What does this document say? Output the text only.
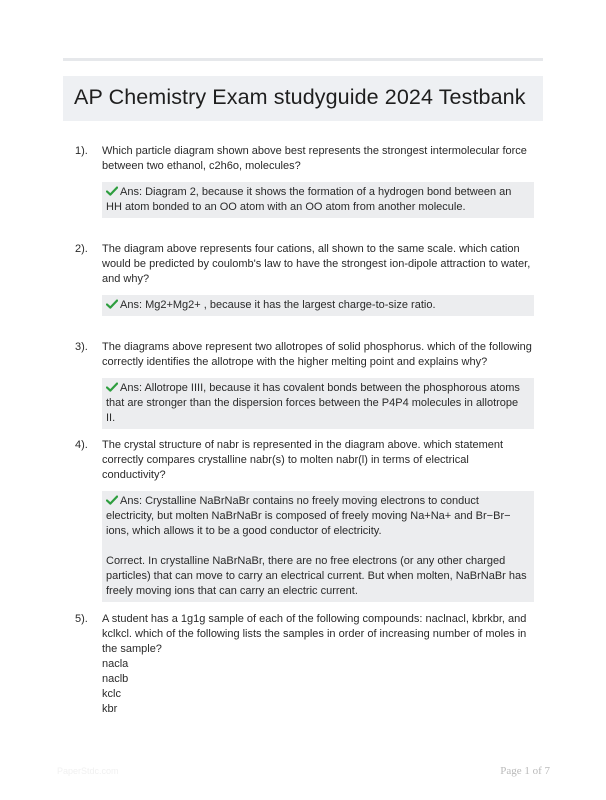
AP Chemistry Exam studyguide 2024 Testbank
1). Which particle diagram shown above best represents the strongest intermolecular force between two ethanol, c2h6o, molecules?

Ans: Diagram 2, because it shows the formation of a hydrogen bond between an HH atom bonded to an OO atom with an OO atom from another molecule.

2). The diagram above represents four cations, all shown to the same scale. which cation would be predicted by coulomb's law to have the strongest ion-dipole attraction to water, and why?

Ans: Mg2+Mg2+ , because it has the largest charge-to-size ratio.

3). The diagrams above represent two allotropes of solid phosphorus. which of the following correctly identifies the allotrope with the higher melting point and explains why?

Ans: Allotrope IIII, because it has covalent bonds between the phosphorous atoms that are stronger than the dispersion forces between the P4P4 molecules in allotrope II.

4). The crystal structure of nabr is represented in the diagram above. which statement correctly compares crystalline nabr(s) to molten nabr(l) in terms of electrical conductivity?

Ans: Crystalline NaBrNaBr contains no freely moving electrons to conduct electricity, but molten NaBrNaBr is composed of freely moving Na+Na+ and Br−Br− ions, which allows it to be a good conductor of electricity.

Correct. In crystalline NaBrNaBr, there are no free electrons (or any other charged particles) that can move to carry an electrical current. But when molten, NaBrNaBr has freely moving ions that can carry an electric current.

5). A student has a 1g1g sample of each of the following compounds: naclnacl, kbrkbr, and kclkcl. which of the following lists the samples in order of increasing number of moles in the sample?
nacla
naclb
kclc
kbr
PaperStdc.com	Page 1 of 7
